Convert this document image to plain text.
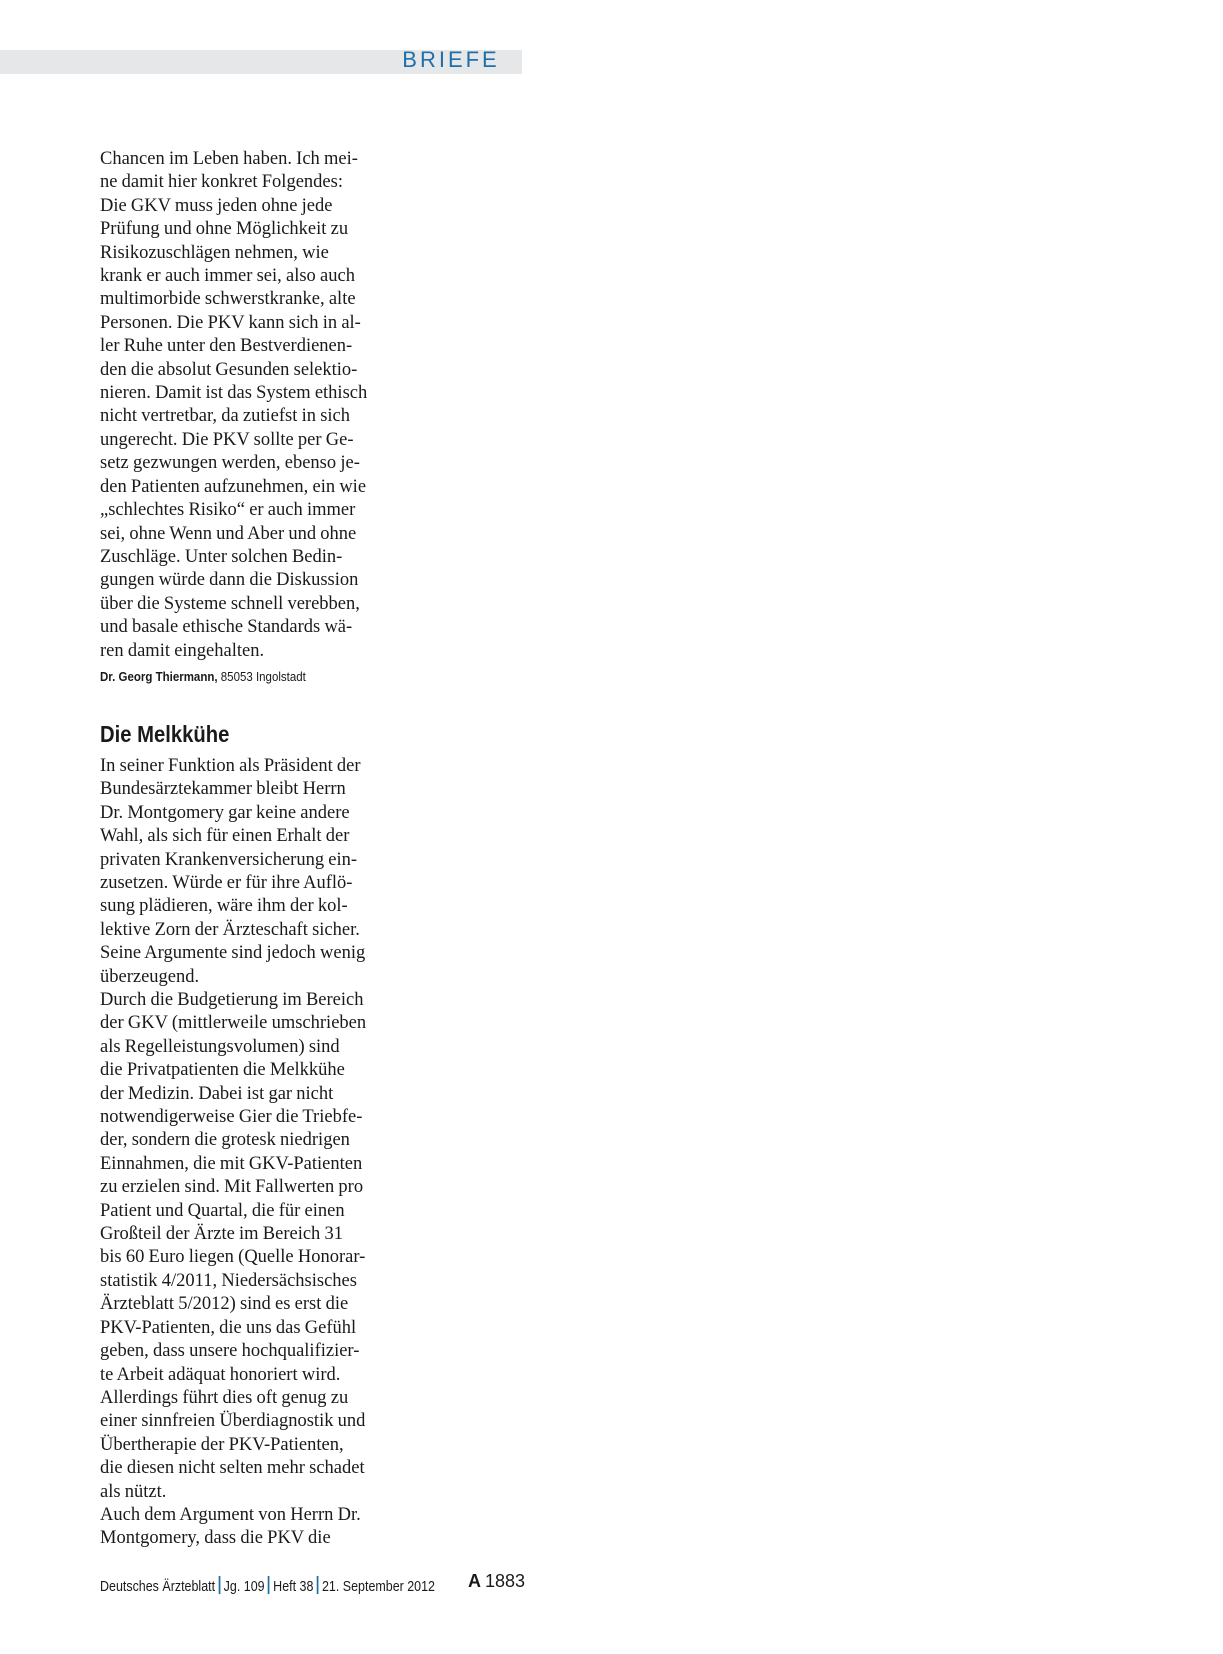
BRIEFE

Chancen im Leben haben. Ich mei-
ne damit hier konkret Folgendes:
Die GKV muss jeden ohne jede
Prüfung und ohne Möglichkeit zu
Risikozuschlägen nehmen, wie
krank er auch immer sei, also auch
multimorbide schwerstkranke, alte
Personen. Die PKV kann sich in al-
ler Ruhe unter den Bestverdienen-
den die absolut Gesunden selektio-
nieren. Damit ist das System ethisch
nicht vertretbar, da zutiefst in sich
ungerecht. Die PKV sollte per Ge-
setz gezwungen werden, ebenso je-
den Patienten aufzunehmen, ein wie
„schlechtes Risiko“ er auch immer
sei, ohne Wenn und Aber und ohne
Zuschläge. Unter solchen Bedin-
gungen würde dann die Diskussion
über die Systeme schnell verebben,
und basale ethische Standards wä-
ren damit eingehalten.

Dr. Georg Thiermann, 85053 Ingolstadt
Die Melkkühe

In seiner Funktion als Präsident der
Bundesärztekammer bleibt Herrn
Dr. Montgomery gar keine andere
Wahl, als sich für einen Erhalt der
privaten Krankenversicherung ein-
zusetzen. Würde er für ihre Auflö-
sung plädieren, wäre ihm der kol-
lektive Zorn der Ärzteschaft sicher.
Seine Argumente sind jedoch wenig
überzeugend.
Durch die Budgetierung im Bereich
der GKV (mittlerweile umschrieben
als Regelleistungsvolumen) sind
die Privatpatienten die Melkkühe
der Medizin. Dabei ist gar nicht
notwendigerweise Gier die Triebfe-
der, sondern die grotesk niedrigen
Einnahmen, die mit GKV-Patienten
zu erzielen sind. Mit Fallwerten pro
Patient und Quartal, die für einen
Großteil der Ärzte im Bereich 31
bis 60 Euro liegen (Quelle Honorar-
statistik 4/2011, Niedersächsisches
Ärzteblatt 5/2012) sind es erst die
PKV-Patienten, die uns das Gefühl
geben, dass unsere hochqualifizier-
te Arbeit adäquat honoriert wird.
Allerdings führt dies oft genug zu
einer sinnfreien Überdiagnostik und
Übertherapie der PKV-Patienten,
die diesen nicht selten mehr schadet
als nützt.
Auch dem Argument von Herrn Dr.
Montgomery, dass die PKV die

Deutsches Ärzteblatt Jg. 109 Heft 38 21. September 2012	A 1883
